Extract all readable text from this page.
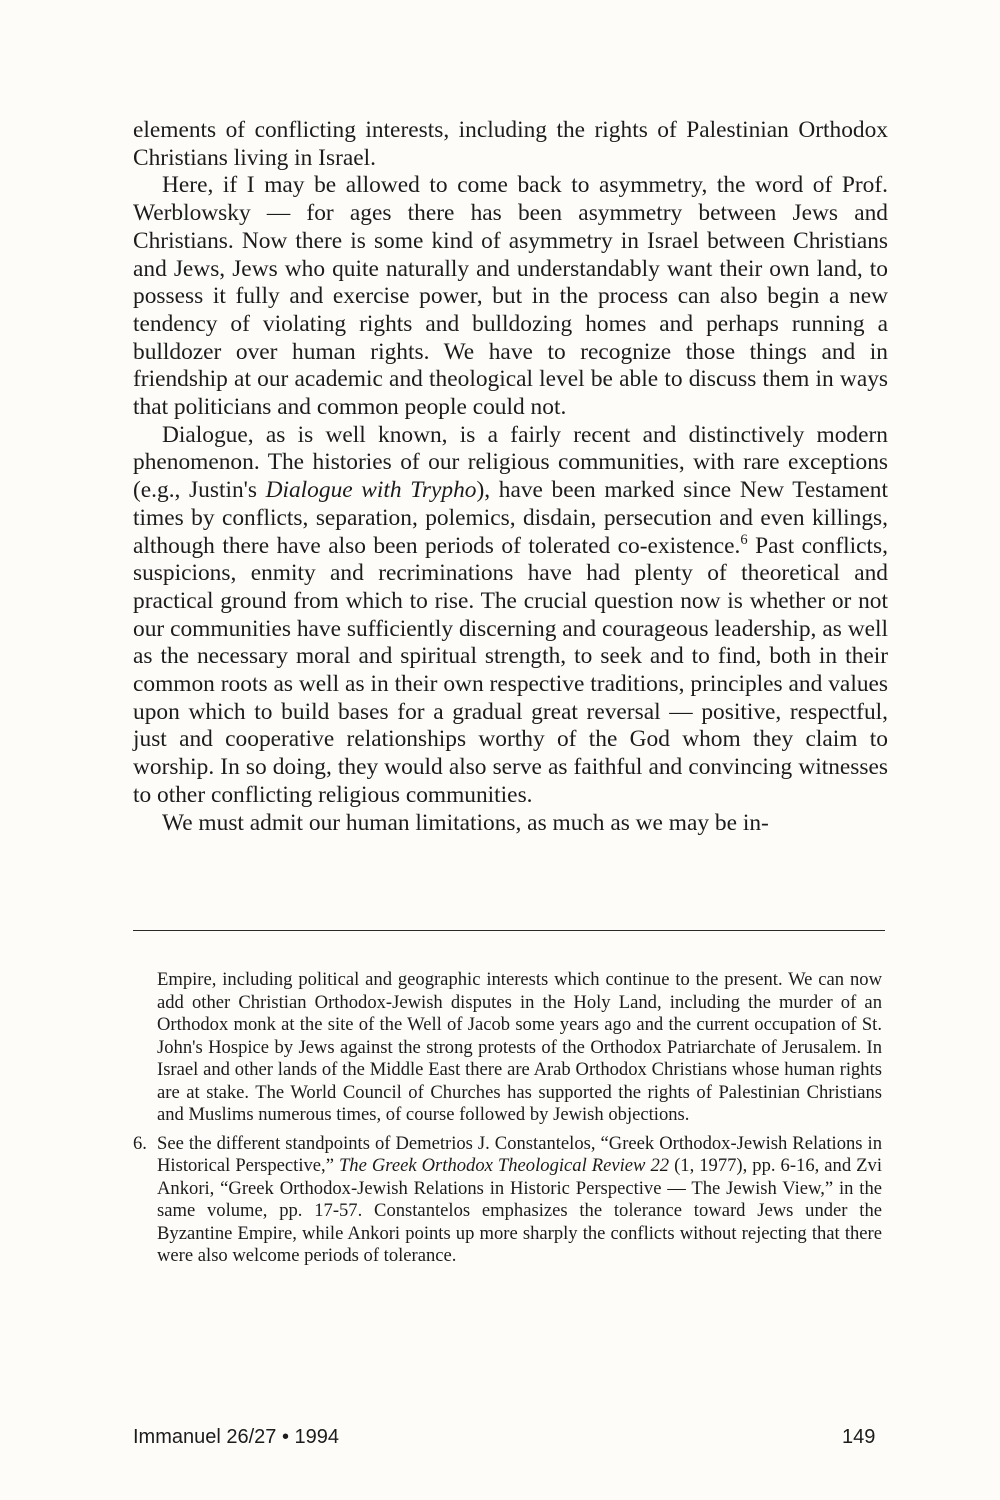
elements of conflicting interests, including the rights of Palestinian Orthodox Christians living in Israel.

Here, if I may be allowed to come back to asymmetry, the word of Prof. Werblowsky — for ages there has been asymmetry between Jews and Christians. Now there is some kind of asymmetry in Israel between Christians and Jews, Jews who quite naturally and understandably want their own land, to possess it fully and exercise power, but in the process can also begin a new tendency of violating rights and bulldozing homes and perhaps running a bulldozer over human rights. We have to recognize those things and in friendship at our academic and theological level be able to discuss them in ways that politicians and common people could not.

Dialogue, as is well known, is a fairly recent and distinctively modern phenomenon. The histories of our religious communities, with rare exceptions (e.g., Justin's Dialogue with Trypho), have been marked since New Testament times by conflicts, separation, polemics, disdain, persecution and even killings, although there have also been periods of tolerated co-existence.$^6$ Past conflicts, suspicions, enmity and recriminations have had plenty of theoretical and practical ground from which to rise. The crucial question now is whether or not our communities have sufficiently discerning and courageous leadership, as well as the necessary moral and spiritual strength, to seek and to find, both in their common roots as well as in their own respective traditions, principles and values upon which to build bases for a gradual great reversal — positive, respectful, just and cooperative relationships worthy of the God whom they claim to worship. In so doing, they would also serve as faithful and convincing witnesses to other conflicting religious communities.

We must admit our human limitations, as much as we may be in-

Empire, including political and geographic interests which continue to the present. We can now add other Christian Orthodox-Jewish disputes in the Holy Land, including the murder of an Orthodox monk at the site of the Well of Jacob some years ago and the current occupation of St. John's Hospice by Jews against the strong protests of the Orthodox Patriarchate of Jerusalem. In Israel and other lands of the Middle East there are Arab Orthodox Christians whose human rights are at stake. The World Council of Churches has supported the rights of Palestinian Christians and Muslims numerous times, of course followed by Jewish objections.

6. See the different standpoints of Demetrios J. Constantelos, “Greek Orthodox-Jewish Relations in Historical Perspective,” The Greek Orthodox Theological Review 22 (1, 1977), pp. 6-16, and Zvi Ankori, “Greek Orthodox-Jewish Relations in Historic Perspective — The Jewish View,” in the same volume, pp. 17-57. Constantelos emphasizes the tolerance toward Jews under the Byzantine Empire, while Ankori points up more sharply the conflicts without rejecting that there were also welcome periods of tolerance.

Immanuel 26/27 • 1994	149
